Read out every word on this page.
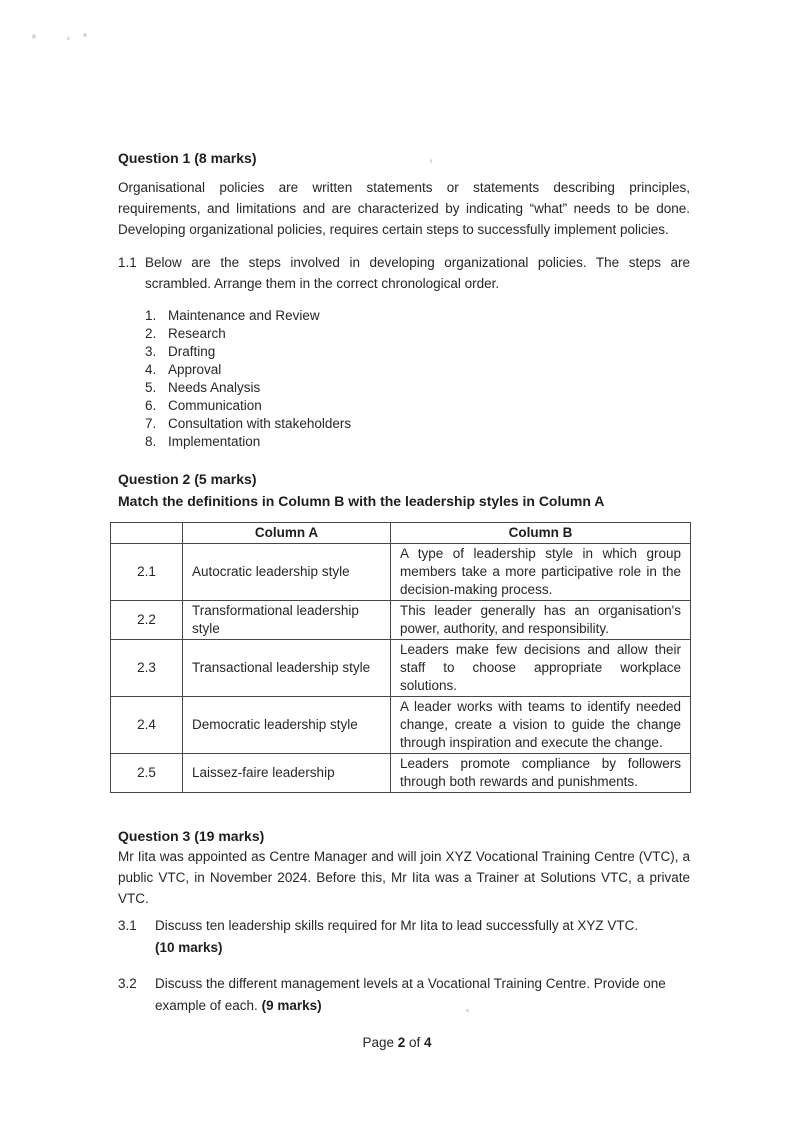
Question 1 (8 marks)

Organisational policies are written statements or statements describing principles, requirements, and limitations and are characterized by indicating “what” needs to be done. Developing organizational policies, requires certain steps to successfully implement policies.

1.1 Below are the steps involved in developing organizational policies. The steps are scrambled. Arrange them in the correct chronological order.

1. Maintenance and Review
2. Research
3. Drafting
4. Approval
5. Needs Analysis
6. Communication
7. Consultation with stakeholders
8. Implementation
Question 2 (5 marks)

Match the definitions in Column B with the leadership styles in Column A

	Column A	Column B
2.1	Autocratic leadership style	A type of leadership style in which group members take a more participative role in the decision-making process.
2.2	Transformational leadership style	This leader generally has an organisation's power, authority, and responsibility.
2.3	Transactional leadership style	Leaders make few decisions and allow their staff to choose appropriate workplace solutions.
2.4	Democratic leadership style	A leader works with teams to identify needed change, create a vision to guide the change through inspiration and execute the change.
2.5	Laissez-faire leadership	Leaders promote compliance by followers through both rewards and punishments.
Question 3 (19 marks)

Mr Iita was appointed as Centre Manager and will join XYZ Vocational Training Centre (VTC), a public VTC, in November 2024. Before this, Mr Iita was a Trainer at Solutions VTC, a private VTC.

3.1	Discuss ten leadership skills required for Mr Iita to lead successfully at XYZ VTC.
(10 marks)
3.2	Discuss the different management levels at a Vocational Training Centre. Provide one example of each. (9 marks)
Page 2 of 4
